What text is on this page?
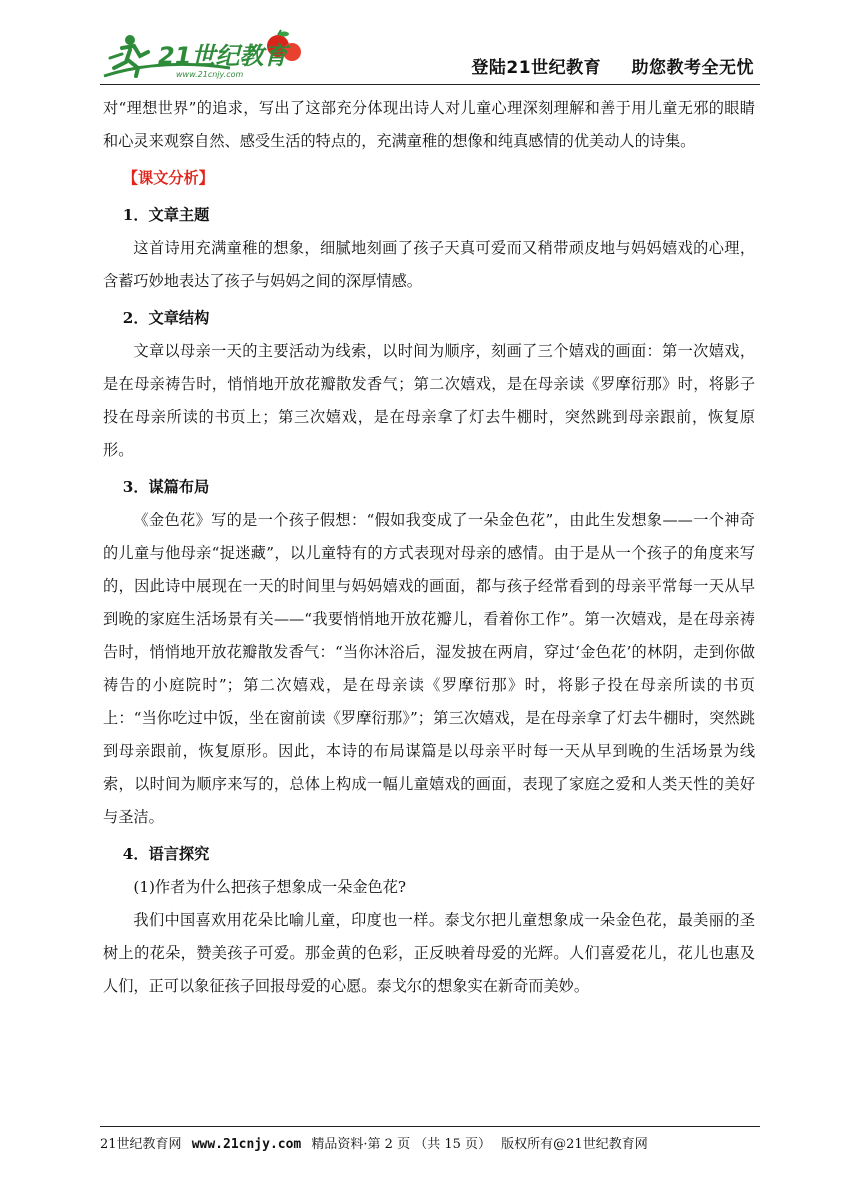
21世纪教育
www.21cnjy.com	登陆21世纪教育 助您教考全无忧

对“理想世界”的追求，写出了这部充分体现出诗人对儿童心理深刻理解和善于用儿童无邪的眼睛和心灵来观察自然、感受生活的特点的，充满童稚的想像和纯真感情的优美动人的诗集。

【课文分析】

1．文章主题

这首诗用充满童稚的想象，细腻地刻画了孩子天真可爱而又稍带顽皮地与妈妈嬉戏的心理，含蓄巧妙地表达了孩子与妈妈之间的深厚情感。

2．文章结构

文章以母亲一天的主要活动为线索，以时间为顺序，刻画了三个嬉戏的画面：第一次嬉戏，是在母亲祷告时，悄悄地开放花瓣散发香气；第二次嬉戏，是在母亲读《罗摩衍那》时，将影子投在母亲所读的书页上；第三次嬉戏，是在母亲拿了灯去牛棚时，突然跳到母亲跟前，恢复原形。

3．谋篇布局

《金色花》写的是一个孩子假想：“假如我变成了一朵金色花”，由此生发想象——一个神奇的儿童与他母亲“捉迷藏”，以儿童特有的方式表现对母亲的感情。由于是从一个孩子的角度来写的，因此诗中展现在一天的时间里与妈妈嬉戏的画面，都与孩子经常看到的母亲平常每一天从早到晚的家庭生活场景有关——“我要悄悄地开放花瓣儿，看着你工作”。第一次嬉戏，是在母亲祷告时，悄悄地开放花瓣散发香气：“当你沐浴后，湿发披在两肩，穿过‘金色花’的林阴，走到你做祷告的小庭院时”；第二次嬉戏，是在母亲读《罗摩衍那》时，将影子投在母亲所读的书页上：“当你吃过中饭，坐在窗前读《罗摩衍那》”；第三次嬉戏，是在母亲拿了灯去牛棚时，突然跳到母亲跟前，恢复原形。因此，本诗的布局谋篇是以母亲平时每一天从早到晚的生活场景为线索，以时间为顺序来写的，总体上构成一幅儿童嬉戏的画面，表现了家庭之爱和人类天性的美好与圣洁。

4．语言探究

(1)作者为什么把孩子想象成一朵金色花?

我们中国喜欢用花朵比喻儿童，印度也一样。泰戈尔把儿童想象成一朵金色花，最美丽的圣树上的花朵，赞美孩子可爱。那金黄的色彩，正反映着母爱的光辉。人们喜爱花儿，花儿也惠及人们，正可以象征孩子回报母爱的心愿。泰戈尔的想象实在新奇而美妙。

21世纪教育网 www.21cnjy.com 精品资料·第 2 页 （共 15 页） 版权所有@21世纪教育网
